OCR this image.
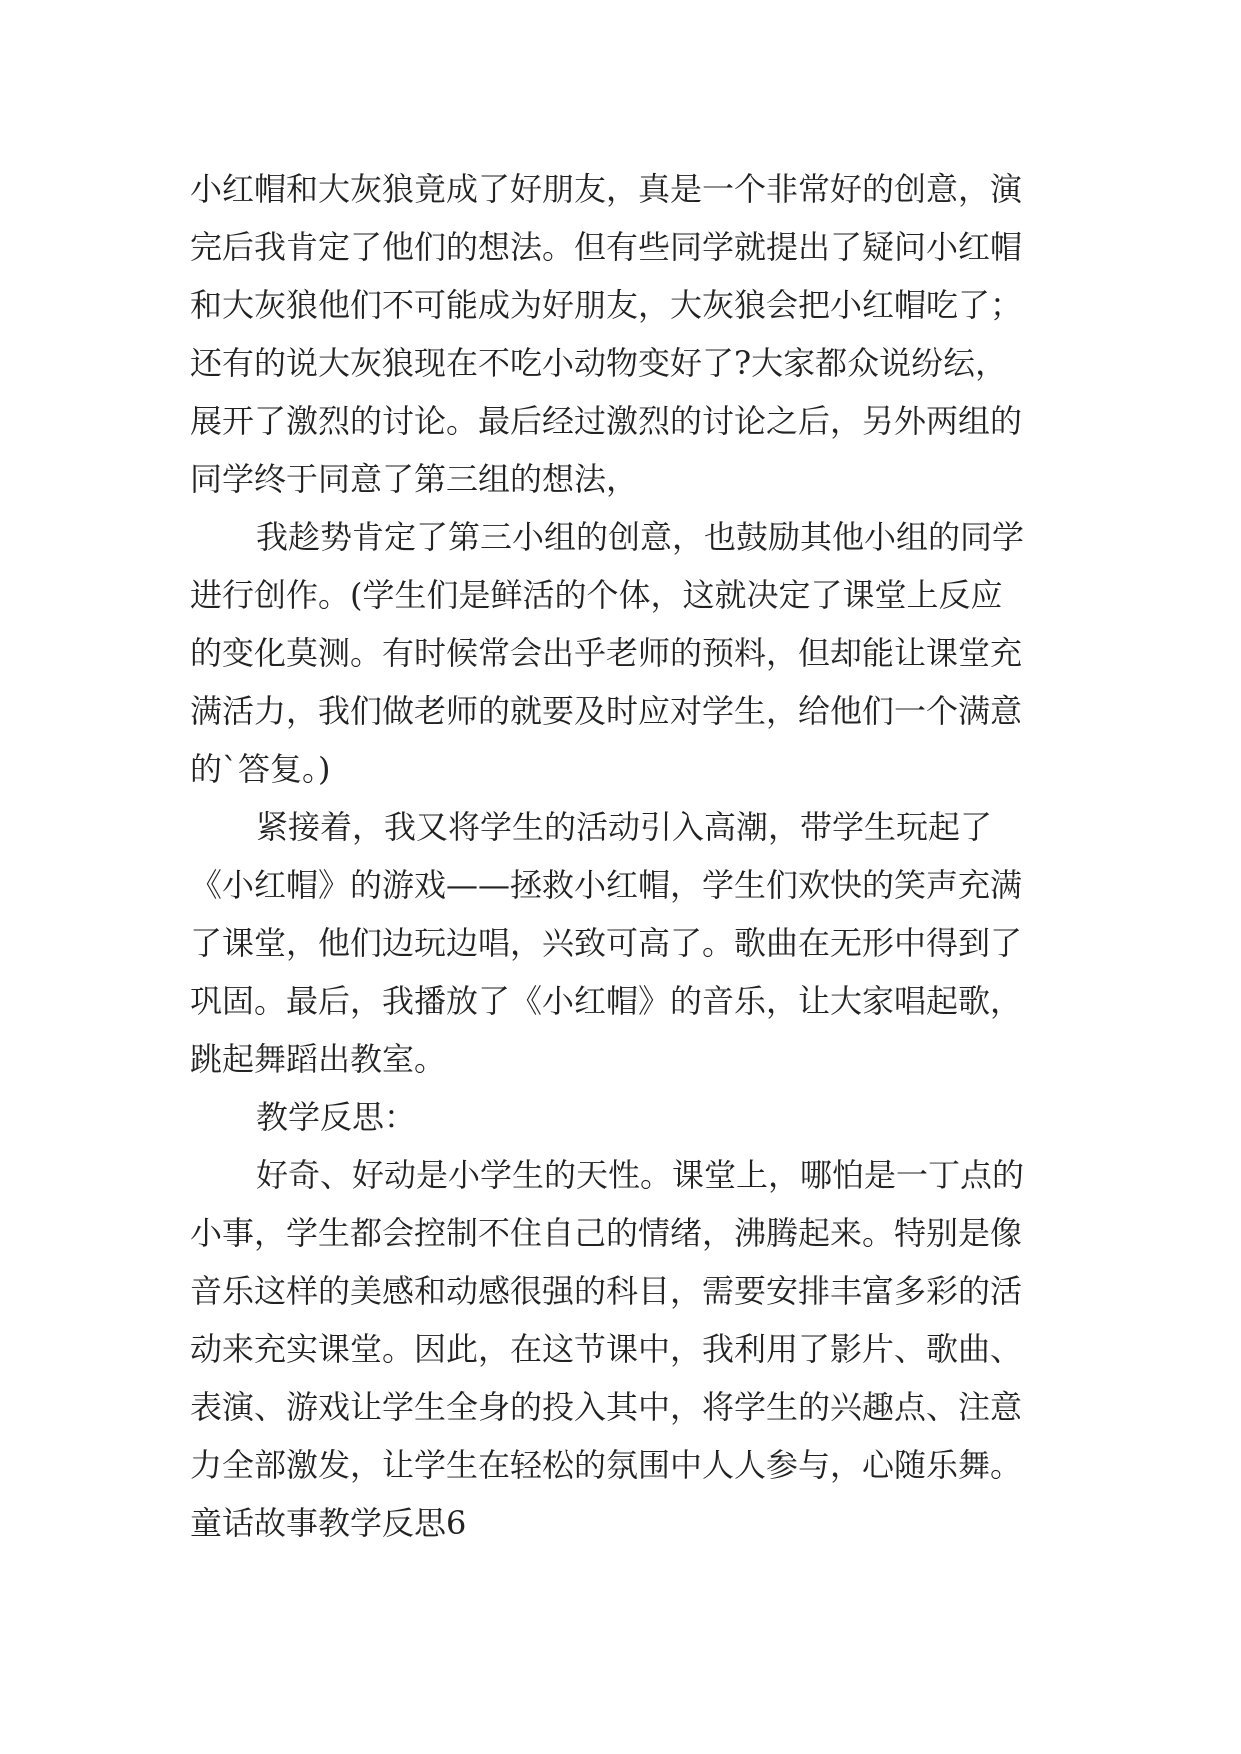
小红帽和大灰狼竟成了好朋友，真是一个非常好的创意，演

完后我肯定了他们的想法。但有些同学就提出了疑问小红帽

和大灰狼他们不可能成为好朋友，大灰狼会把小红帽吃了；

还有的说大灰狼现在不吃小动物变好了?大家都众说纷纭，

展开了激烈的讨论。最后经过激烈的讨论之后，另外两组的

同学终于同意了第三组的想法，

我趁势肯定了第三小组的创意，也鼓励其他小组的同学

进行创作。(学生们是鲜活的个体，这就决定了课堂上反应

的变化莫测。有时候常会出乎老师的预料，但却能让课堂充

满活力，我们做老师的就要及时应对学生，给他们一个满意

的`答复。)

紧接着，我又将学生的活动引入高潮，带学生玩起了

《小红帽》的游戏——拯救小红帽，学生们欢快的笑声充满

了课堂，他们边玩边唱，兴致可高了。歌曲在无形中得到了

巩固。最后，我播放了《小红帽》的音乐，让大家唱起歌，

跳起舞蹈出教室。

教学反思：

好奇、好动是小学生的天性。课堂上，哪怕是一丁点的

小事，学生都会控制不住自己的情绪，沸腾起来。特别是像

音乐这样的美感和动感很强的科目，需要安排丰富多彩的活

动来充实课堂。因此，在这节课中，我利用了影片、歌曲、

表演、游戏让学生全身的投入其中，将学生的兴趣点、注意

力全部激发，让学生在轻松的氛围中人人参与，心随乐舞。

童话故事教学反思6
